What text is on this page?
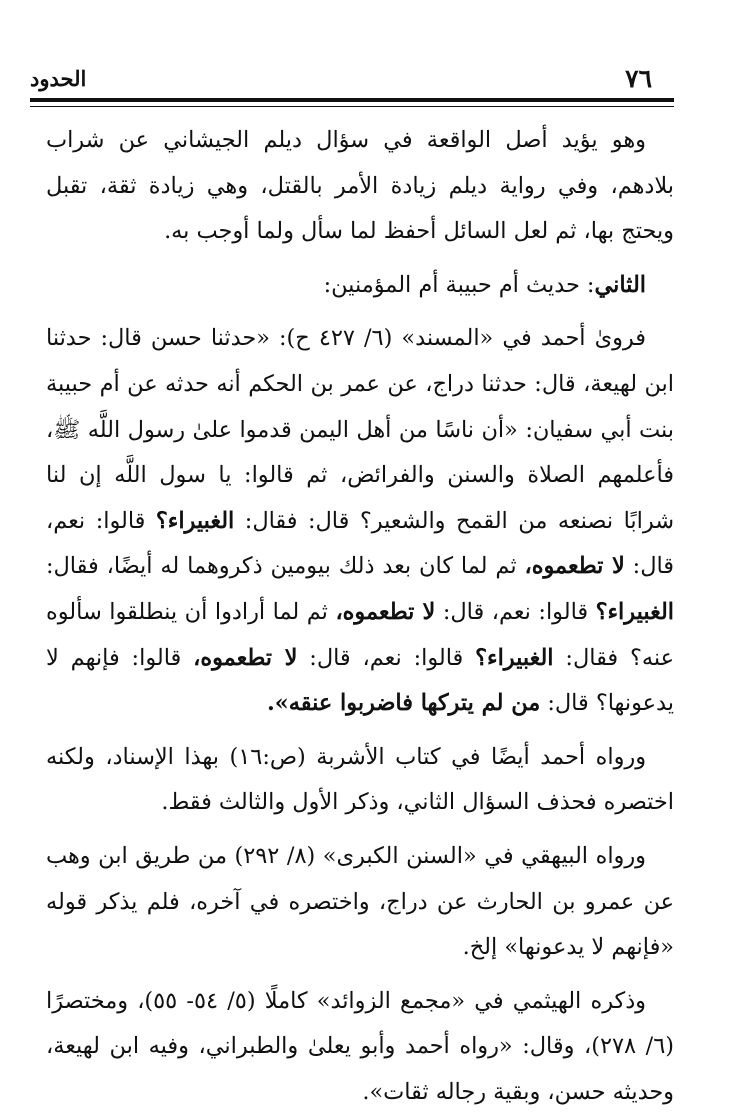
٧٦
الحدود

وهو يؤيد أصل الواقعة في سؤال ديلم الجيشاني عن شراب بلادهم، وفي رواية ديلم زيادة الأمر بالقتل، وهي زيادة ثقة، تقبل ويحتج بها، ثم لعل السائل أحفظ لما سأل ولما أوجب به.

الثاني: حديث أم حبيبة أم المؤمنين:

فروىٰ أحمد في «المسند» (٦/ ٤٢٧ ح): «حدثنا حسن قال: حدثنا ابن لهيعة، قال: حدثنا دراج، عن عمر بن الحكم أنه حدثه عن أم حبيبة بنت أبي سفيان: «أن ناسًا من أهل اليمن قدموا علىٰ رسول اللَّه ﷺ، فأعلمهم الصلاة والسنن والفرائض، ثم قالوا: يا سول اللَّه إن لنا شرابًا نصنعه من القمح والشعير؟ قال: فقال: الغبيراء؟ قالوا: نعم، قال: لا تطعموه، ثم لما كان بعد ذلك بيومين ذكروهما له أيضًا، فقال: الغبيراء؟ قالوا: نعم، قال: لا تطعموه، ثم لما أرادوا أن ينطلقوا سألوه عنه؟ فقال: الغبيراء؟ قالوا: نعم، قال: لا تطعموه، قالوا: فإنهم لا يدعونها؟ قال: من لم يتركها فاضربوا عنقه».

ورواه أحمد أيضًا في كتاب الأشربة (ص:١٦) بهذا الإسناد، ولكنه اختصره فحذف السؤال الثاني، وذكر الأول والثالث فقط.

ورواه البيهقي في «السنن الكبرى» (٨/ ٢٩٢) من طريق ابن وهب عن عمرو بن الحارث عن دراج، واختصره في آخره، فلم يذكر قوله «فإنهم لا يدعونها» إلخ.

وذكره الهيثمي في «مجمع الزوائد» كاملًا (٥/ ٥٤- ٥٥)، ومختصرًا (٦/ ٢٧٨)، وقال: «رواه أحمد وأبو يعلىٰ والطبراني، وفيه ابن لهيعة، وحديثه حسن، وبقية رجاله ثقات».
